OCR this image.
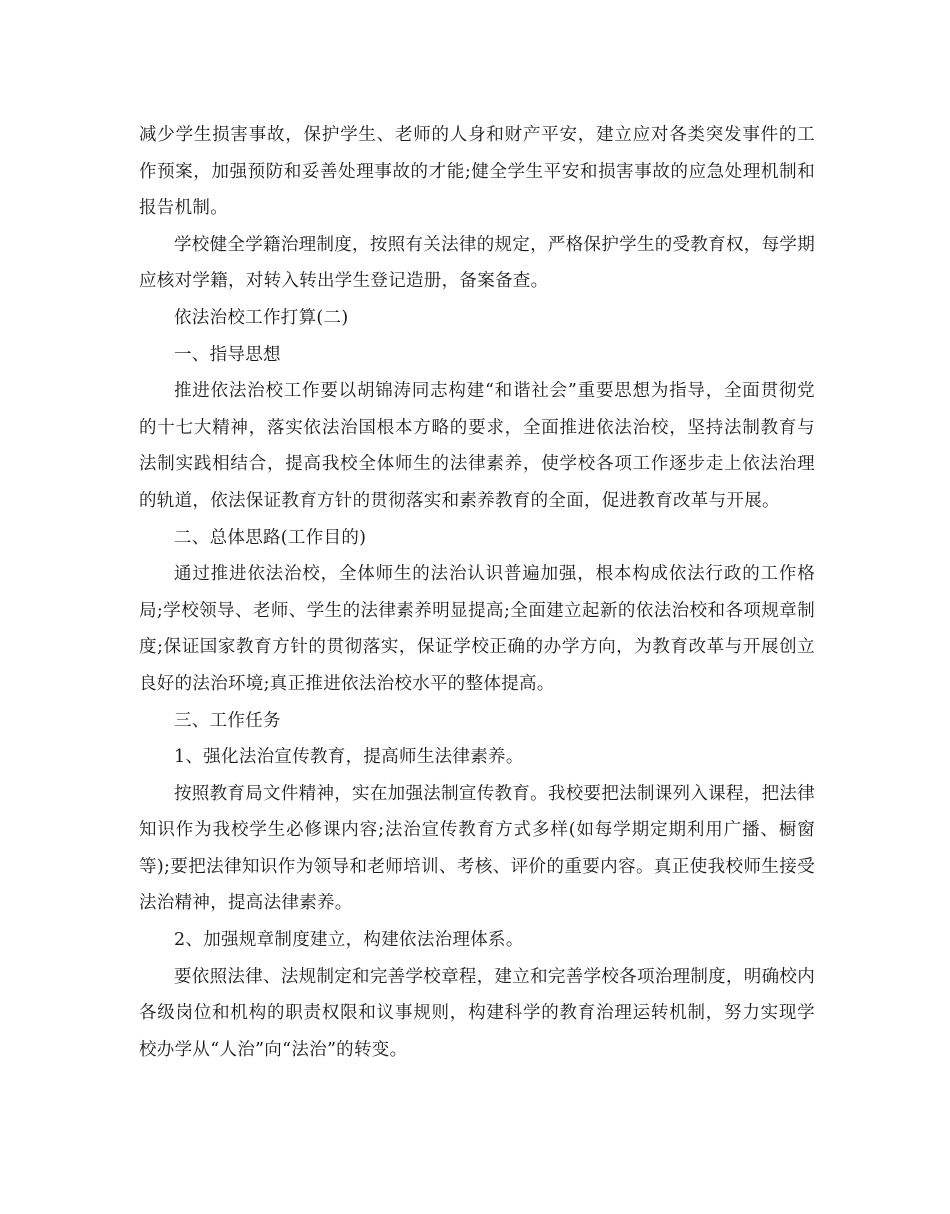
减少学生损害事故，保护学生、老师的人身和财产平安，建立应对各类突发事件的工作预案，加强预防和妥善处理事故的才能;健全学生平安和损害事故的应急处理机制和报告机制。

学校健全学籍治理制度，按照有关法律的规定，严格保护学生的受教育权，每学期应核对学籍，对转入转出学生登记造册，备案备查。

依法治校工作打算(二)

一、指导思想

推进依法治校工作要以胡锦涛同志构建“和谐社会”重要思想为指导，全面贯彻党的十七大精神，落实依法治国根本方略的要求，全面推进依法治校，坚持法制教育与法制实践相结合，提高我校全体师生的法律素养，使学校各项工作逐步走上依法治理的轨道，依法保证教育方针的贯彻落实和素养教育的全面，促进教育改革与开展。

二、总体思路(工作目的)

通过推进依法治校，全体师生的法治认识普遍加强，根本构成依法行政的工作格局;学校领导、老师、学生的法律素养明显提高;全面建立起新的依法治校和各项规章制度;保证国家教育方针的贯彻落实，保证学校正确的办学方向，为教育改革与开展创立良好的法治环境;真正推进依法治校水平的整体提高。

三、工作任务

1、强化法治宣传教育，提高师生法律素养。

按照教育局文件精神，实在加强法制宣传教育。我校要把法制课列入课程，把法律知识作为我校学生必修课内容;法治宣传教育方式多样(如每学期定期利用广播、橱窗等);要把法律知识作为领导和老师培训、考核、评价的重要内容。真正使我校师生接受法治精神，提高法律素养。

2、加强规章制度建立，构建依法治理体系。

要依照法律、法规制定和完善学校章程，建立和完善学校各项治理制度，明确校内各级岗位和机构的职责权限和议事规则，构建科学的教育治理运转机制，努力实现学校办学从“人治”向“法治”的转变。
